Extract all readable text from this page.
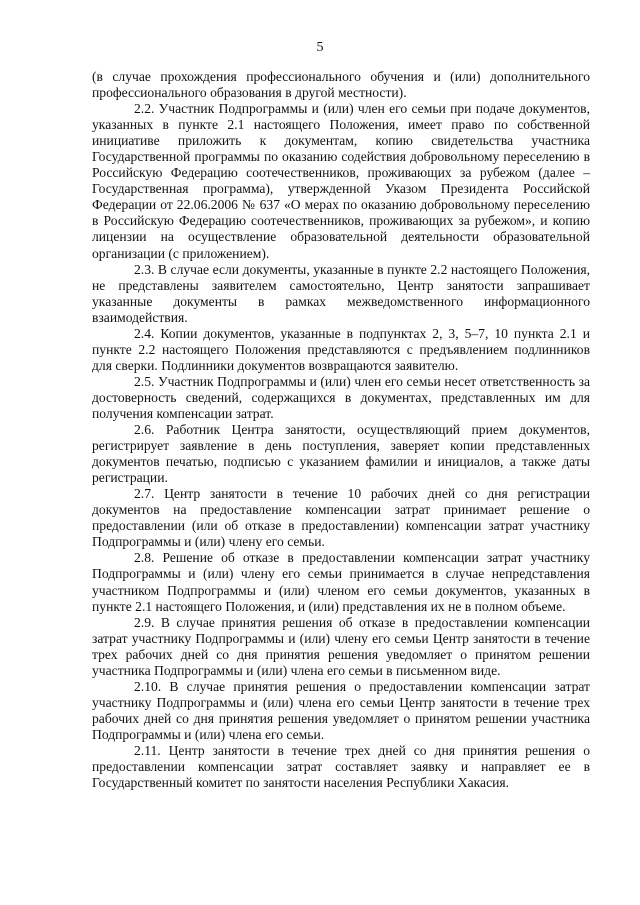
5

(в случае прохождения профессионального обучения и (или) дополнительного профессионального образования в другой местности).

2.2. Участник Подпрограммы и (или) член его семьи при подаче документов, указанных в пункте 2.1 настоящего Положения, имеет право по собственной инициативе приложить к документам, копию свидетельства участника Государственной программы по оказанию содействия добровольному переселению в Российскую Федерацию соотечественников, проживающих за рубежом (далее – Государственная программа), утвержденной Указом Президента Российской Федерации от 22.06.2006 № 637 «О мерах по оказанию добровольному переселению в Российскую Федерацию соотечественников, проживающих за рубежом», и копию лицензии на осуществление образовательной деятельности образовательной организации (с приложением).

2.3. В случае если документы, указанные в пункте 2.2 настоящего Положения, не представлены заявителем самостоятельно, Центр занятости запрашивает указанные документы в рамках межведомственного информационного взаимодействия.

2.4. Копии документов, указанные в подпунктах 2, 3, 5–7, 10 пункта 2.1 и пункте 2.2 настоящего Положения представляются с предъявлением подлинников для сверки. Подлинники документов возвращаются заявителю.

2.5. Участник Подпрограммы и (или) член его семьи несет ответственность за достоверность сведений, содержащихся в документах, представленных им для получения компенсации затрат.

2.6. Работник Центра занятости, осуществляющий прием документов, регистрирует заявление в день поступления, заверяет копии представленных документов печатью, подписью с указанием фамилии и инициалов, а также даты регистрации.

2.7. Центр занятости в течение 10 рабочих дней со дня регистрации документов на предоставление компенсации затрат принимает решение о предоставлении (или об отказе в предоставлении) компенсации затрат участнику Подпрограммы и (или) члену его семьи.

2.8. Решение об отказе в предоставлении компенсации затрат участнику Подпрограммы и (или) члену его семьи принимается в случае непредставления участником Подпрограммы и (или) членом его семьи документов, указанных в пункте 2.1 настоящего Положения, и (или) представления их не в полном объеме.

2.9. В случае принятия решения об отказе в предоставлении компенсации затрат участнику Подпрограммы и (или) члену его семьи Центр занятости в течение трех рабочих дней со дня принятия решения уведомляет о принятом решении участника Подпрограммы и (или) члена его семьи в письменном виде.

2.10. В случае принятия решения о предоставлении компенсации затрат участнику Подпрограммы и (или) члена его семьи Центр занятости в течение трех рабочих дней со дня принятия решения уведомляет о принятом решении участника Подпрограммы и (или) члена его семьи.

2.11. Центр занятости в течение трех дней со дня принятия решения о предоставлении компенсации затрат составляет заявку и направляет ее в Государственный комитет по занятости населения Республики Хакасия.
